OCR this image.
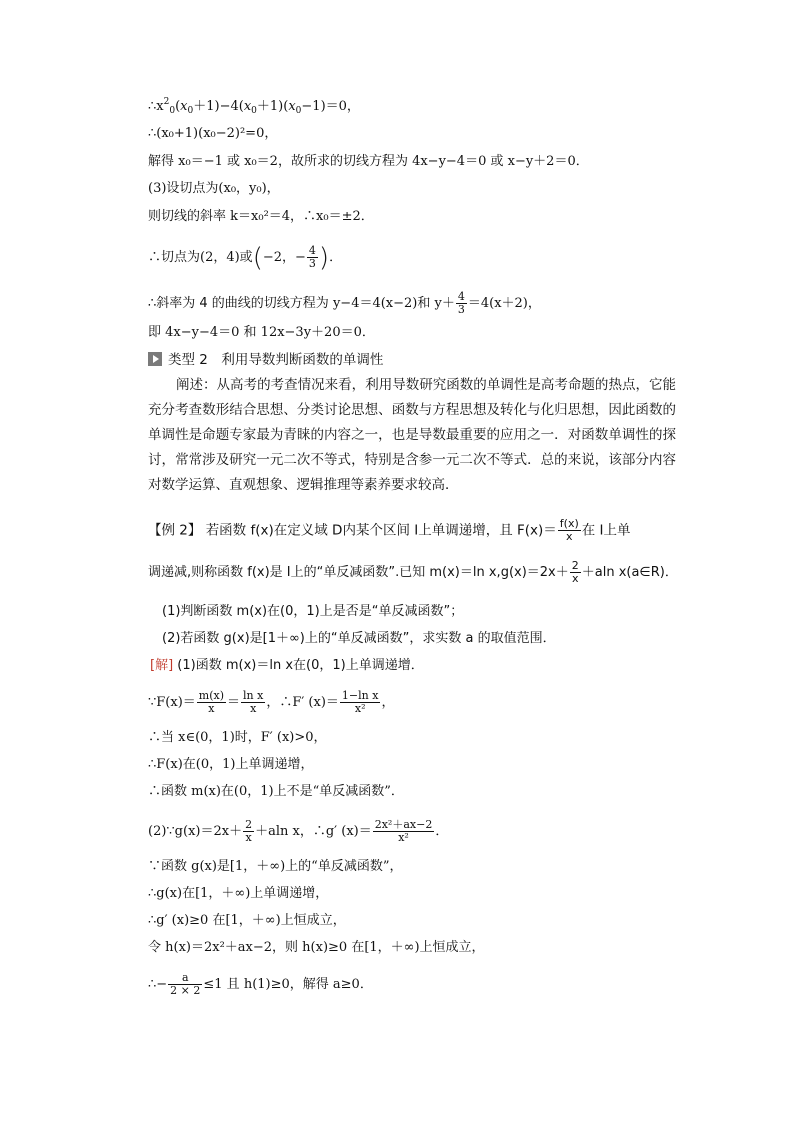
$\therefore x^2_0(x_0+1)-4(x_0+1)(x_0-1)=0$，
∴(x₀+1)(x₀−2)²=0，
解得 x₀＝−1 或 x₀＝2，故所求的切线方程为 4x−y−4＝0 或 x−y＋2＝0．
(3)设切点为(x₀，y₀)，
则切线的斜率 k＝x₀²＝4，∴x₀＝±2．
∴切点为(2，4)或(−2，− $\frac{4}{3}$ )．
∴斜率为 4 的曲线的切线方程为 y−4＝4(x−2)和 $y+ \frac{4}{3} =4(x+2)$，
即 4x−y−4＝0 和 12x−3y＋20＝0．
类型 2　利用导数判断函数的单调性
阐述：从高考的考查情况来看，利用导数研究函数的单调性是高考命题的热点，它能充分考查数形结合思想、分类讨论思想、函数与方程思想及转化与化归思想，因此函数的单调性是命题专家最为青睐的内容之一，也是导数最重要的应用之一．对函数单调性的探讨，常常涉及研究一元二次不等式，特别是含参一元二次不等式．总的来说，该部分内容对数学运算、直观想象、逻辑推理等素养要求较高．
【例 2】 若函数 f(x)在定义域 D内某个区间 I上单调递增，且 $F(x)= \frac{f(x)}{x}$ 在 I上单
调递减,则称函数 f(x)是 I上的“单反减函数”.已知 m(x)＝ln $x,g(x)=2x+ \frac{2}{x} +aln$ x(a∈R)．
(1)判断函数 m(x)在(0，1)上是否是“单反减函数”；
(2)若函数 g(x)是[1＋∞)上的“单反减函数”，求实数 a 的取值范围．
[解] (1)函数 m(x)＝ln x在(0，1)上单调递增．
∵F(x)＝ $\frac{m(x)}{x} = \frac{\text{ln x}}{x}$ ，∴F′ $(x)= \frac{\text{1−ln x}}{\text{x²}}$ ，
∴当 x∈(0，1)时，F′ (x)>0，
∴F(x)在(0，1)上单调递增，
∴函数 m(x)在(0，1)上不是“单反减函数”．
(2)∵g(x)＝2x＋ $\frac{2}{x} +aln$ x，∴g′ $(x)= \frac{\text{2x²＋ax−2}}{\text{x²}}$ ．
∵函数 g(x)是[1，＋∞)上的“单反减函数”，
∴g(x)在[1，＋∞)上单调递增，
∴g′ (x)≥0 在[1，＋∞)上恒成立，
令 h(x)＝2x²＋ax−2，则 h(x)≥0 在[1，＋∞)上恒成立，
∴− $\frac{a}{2 \times 2} \le 1$ 且 h(1)≥0，解得 a≥0．
